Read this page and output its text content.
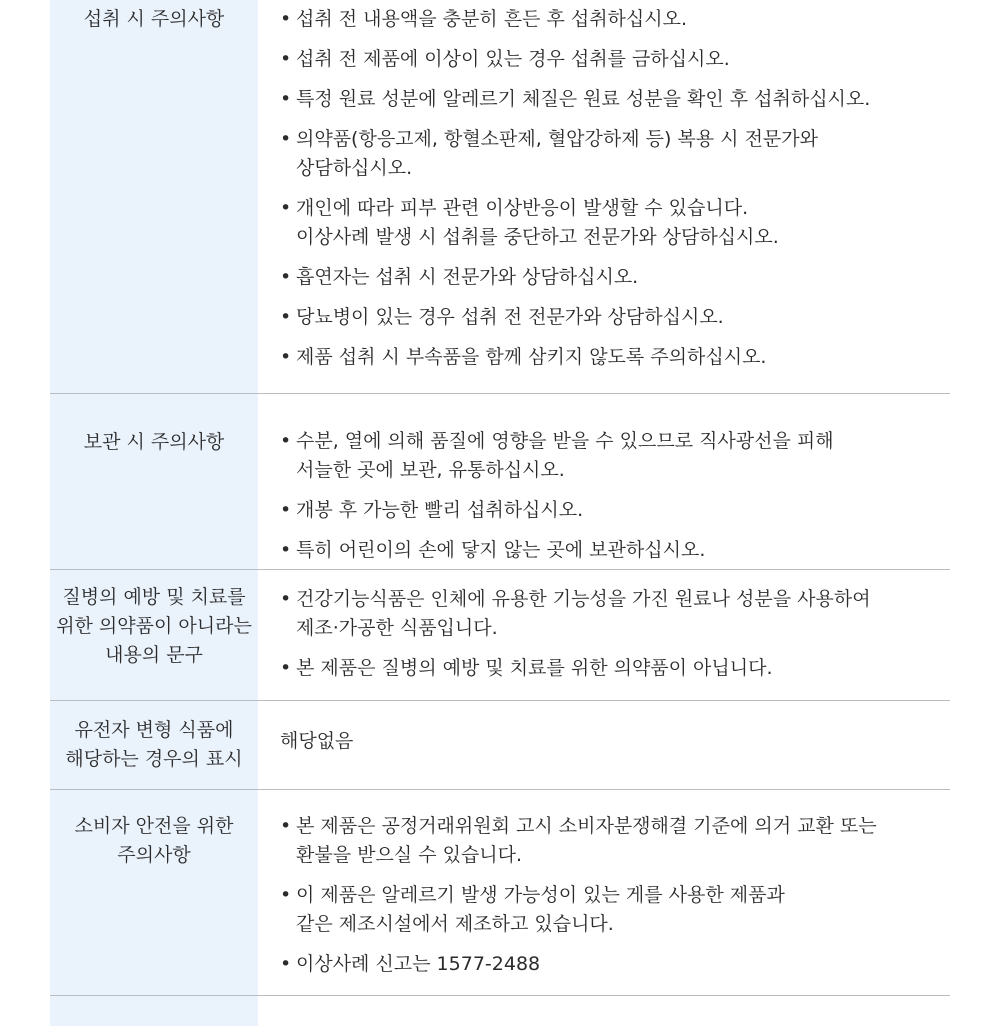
섭취 시 주의사항	• 섭취 전 내용액을 충분히 흔든 후 섭취하십시오.
• 섭취 전 제품에 이상이 있는 경우 섭취를 금하십시오.
• 특정 원료 성분에 알레르기 체질은 원료 성분을 확인 후 섭취하십시오.
• 의약품(항응고제, 항혈소판제, 혈압강하제 등) 복용 시 전문가와
상담하십시오.
• 개인에 따라 피부 관련 이상반응이 발생할 수 있습니다.
이상사례 발생 시 섭취를 중단하고 전문가와 상담하십시오.
• 흡연자는 섭취 시 전문가와 상담하십시오.
• 당뇨병이 있는 경우 섭취 전 전문가와 상담하십시오.
• 제품 섭취 시 부속품을 함께 삼키지 않도록 주의하십시오.
보관 시 주의사항	• 수분, 열에 의해 품질에 영향을 받을 수 있으므로 직사광선을 피해
서늘한 곳에 보관, 유통하십시오.
• 개봉 후 가능한 빨리 섭취하십시오.
• 특히 어린이의 손에 닿지 않는 곳에 보관하십시오.
질병의 예방 및 치료를
위한 의약품이 아니라는
내용의 문구
• 건강기능식품은 인체에 유용한 기능성을 가진 원료나 성분을 사용하여
제조·가공한 식품입니다.
• 본 제품은 질병의 예방 및 치료를 위한 의약품이 아닙니다.
유전자 변형 식품에
해당하는 경우의 표시
해당없음
소비자 안전을 위한
주의사항
• 본 제품은 공정거래위원회 고시 소비자분쟁해결 기준에 의거 교환 또는
환불을 받으실 수 있습니다.
• 이 제품은 알레르기 발생 가능성이 있는 게를 사용한 제품과
같은 제조시설에서 제조하고 있습니다.
• 이상사례 신고는 1577-2488
